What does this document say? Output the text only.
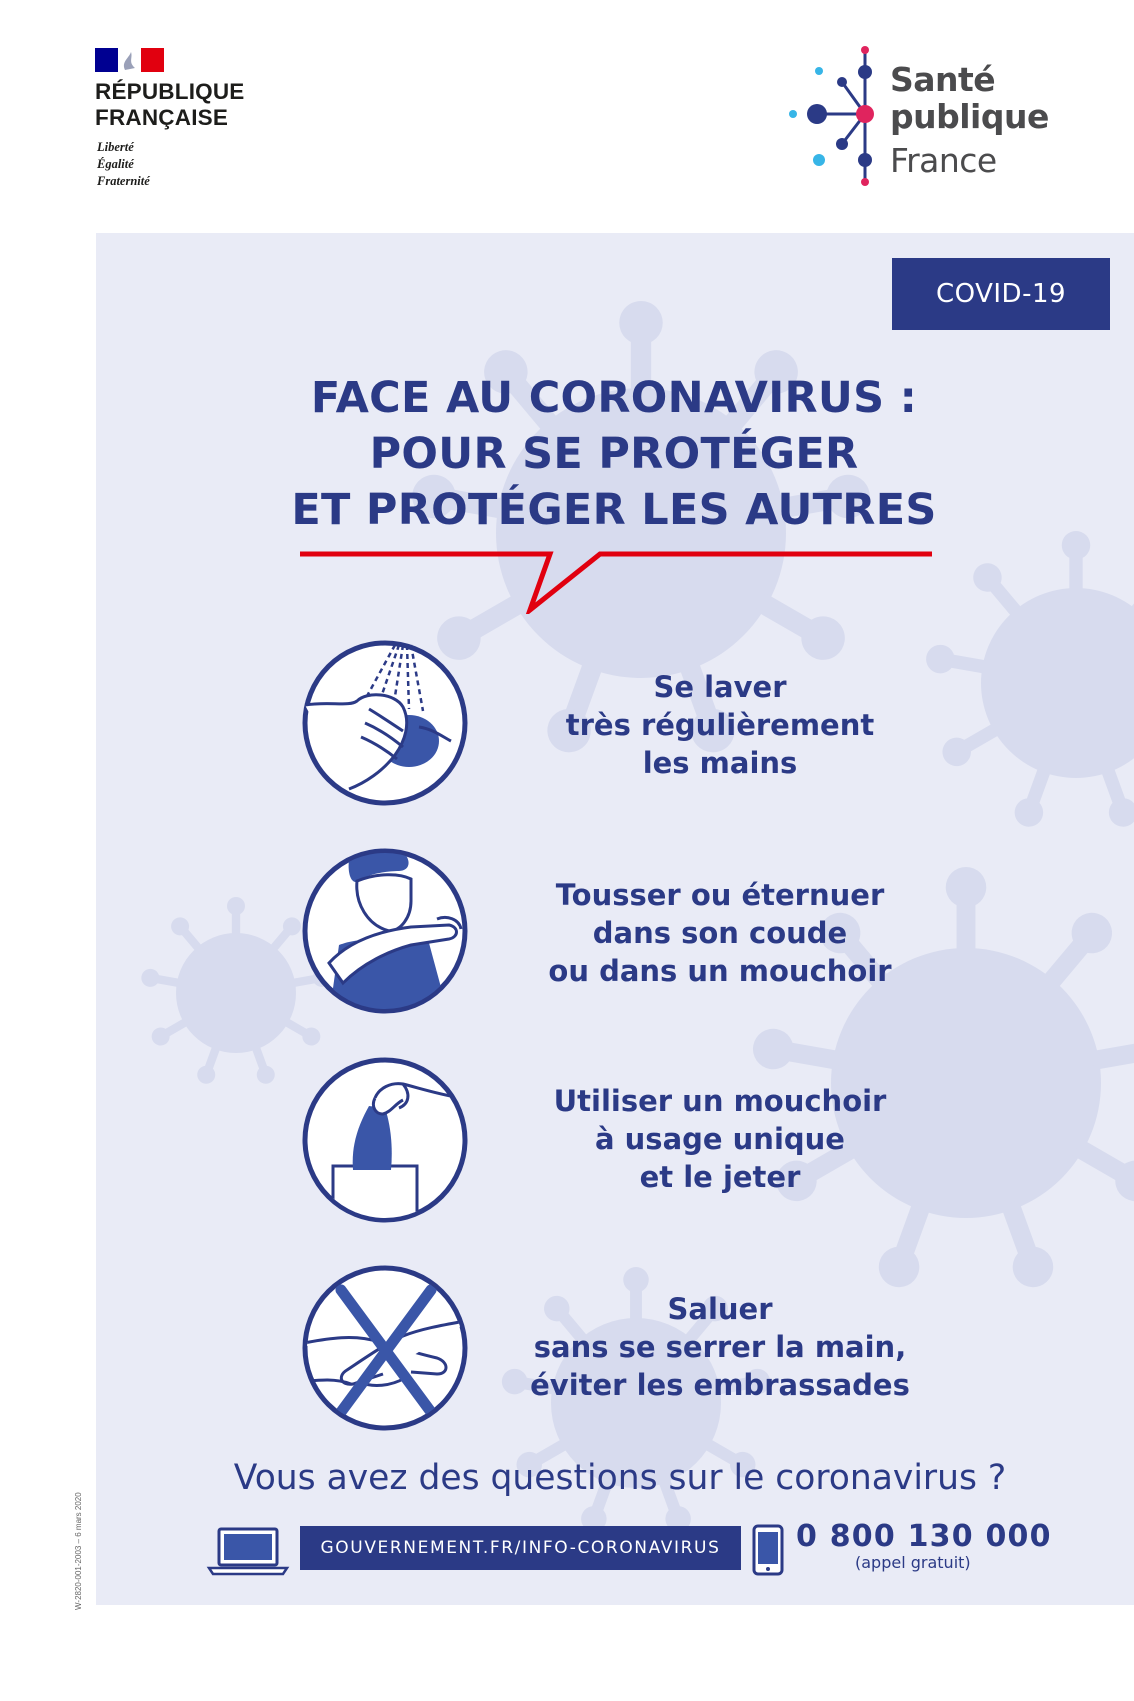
RÉPUBLIQUE
FRANÇAISE
Liberté
Égalité
Fraternité
Santé
publique
France
COVID-19
FACE AU CORONAVIRUS :
POUR SE PROTÉGER
ET PROTÉGER LES AUTRES
Se laver
très régulièrement
les mains
Tousser ou éternuer
dans son coude
ou dans un mouchoir
Utiliser un mouchoir
à usage unique
et le jeter
Saluer
sans se serrer la main,
éviter les embrassades
Vous avez des questions sur le coronavirus ?
GOUVERNEMENT.FR/INFO-CORONAVIRUS	0 800 130 000
(appel gratuit)
W-2820-001-2003 – 6 mars 2020
